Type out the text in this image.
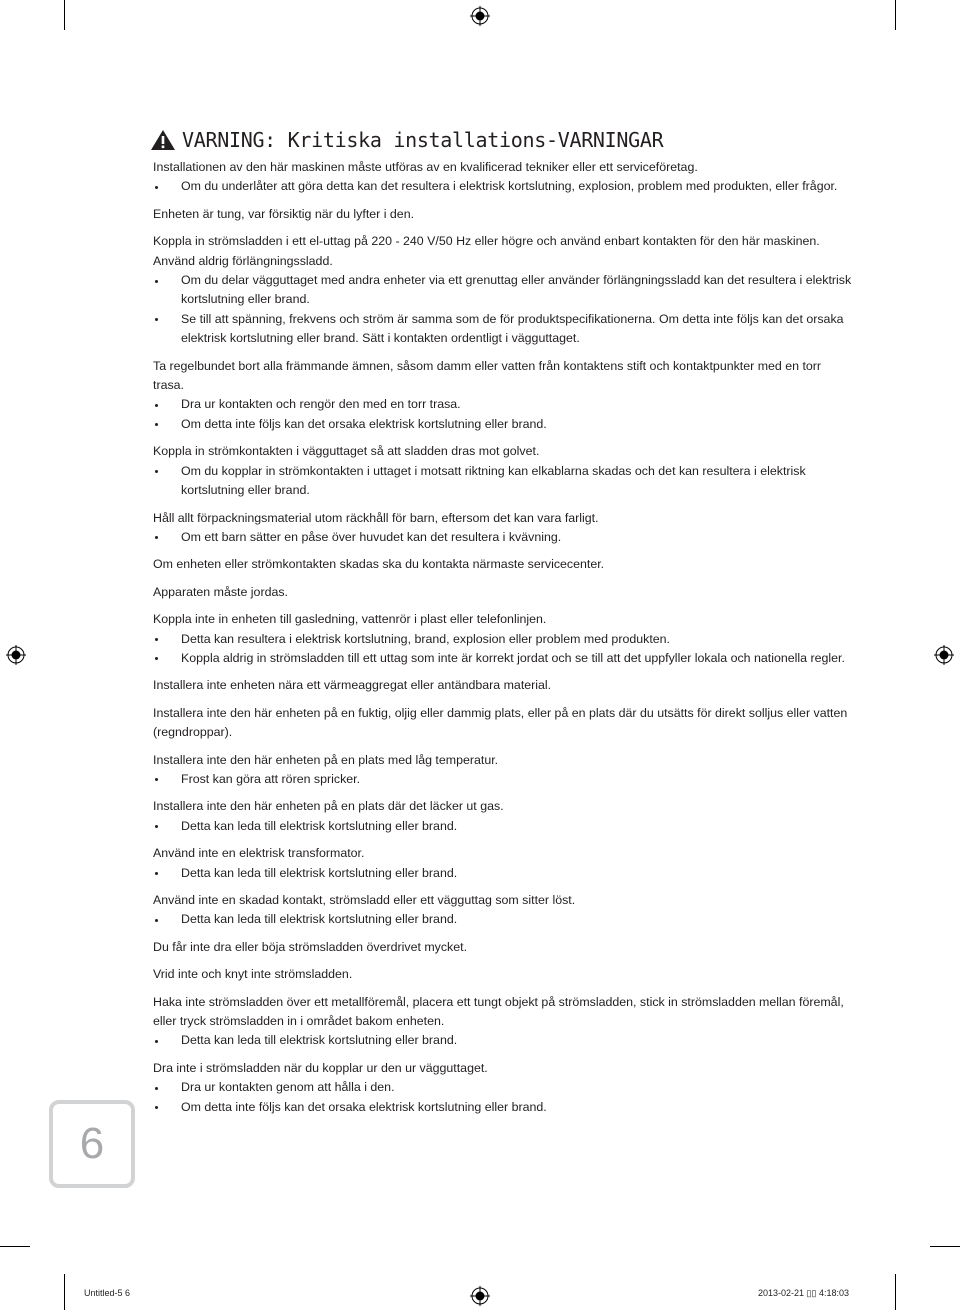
VARNING: Kritiska installations-VARNINGAR

Installationen av den här maskinen måste utföras av en kvalificerad tekniker eller ett serviceföretag.

Om du underlåter att göra detta kan det resultera i elektrisk kortslutning, explosion, problem med produkten, eller frågor.

Enheten är tung, var försiktig när du lyfter i den.

Koppla in strömsladden i ett el-uttag på 220 - 240 V/50 Hz eller högre och använd enbart kontakten för den här maskinen. Använd aldrig förlängningssladd.

Om du delar vägguttaget med andra enheter via ett grenuttag eller använder förlängningssladd kan det resultera i elektrisk kortslutning eller brand.

Se till att spänning, frekvens och ström är samma som de för produktspecifikationerna. Om detta inte följs kan det orsaka elektrisk kortslutning eller brand. Sätt i kontakten ordentligt i vägguttaget.

Ta regelbundet bort alla främmande ämnen, såsom damm eller vatten från kontaktens stift och kontaktpunkter med en torr trasa.

Dra ur kontakten och rengör den med en torr trasa.

Om detta inte följs kan det orsaka elektrisk kortslutning eller brand.

Koppla in strömkontakten i vägguttaget så att sladden dras mot golvet.

Om du kopplar in strömkontakten i uttaget i motsatt riktning kan elkablarna skadas och det kan resultera i elektrisk kortslutning eller brand.

Håll allt förpackningsmaterial utom räckhåll för barn, eftersom det kan vara farligt.

Om ett barn sätter en påse över huvudet kan det resultera i kvävning.

Om enheten eller strömkontakten skadas ska du kontakta närmaste servicecenter.

Apparaten måste jordas.

Koppla inte in enheten till gasledning, vattenrör i plast eller telefonlinjen.

Detta kan resultera i elektrisk kortslutning, brand, explosion eller problem med produkten.

Koppla aldrig in strömsladden till ett uttag som inte är korrekt jordat och se till att det uppfyller lokala och nationella regler.

Installera inte enheten nära ett värmeaggregat eller antändbara material.

Installera inte den här enheten på en fuktig, oljig eller dammig plats, eller på en plats där du utsätts för direkt solljus eller vatten (regndroppar).

Installera inte den här enheten på en plats med låg temperatur.

Frost kan göra att rören spricker.

Installera inte den här enheten på en plats där det läcker ut gas.

Detta kan leda till elektrisk kortslutning eller brand.

Använd inte en elektrisk transformator.

Detta kan leda till elektrisk kortslutning eller brand.

Använd inte en skadad kontakt, strömsladd eller ett vägguttag som sitter löst.

Detta kan leda till elektrisk kortslutning eller brand.

Du får inte dra eller böja strömsladden överdrivet mycket.

Vrid inte och knyt inte strömsladden.

Haka inte strömsladden över ett metallföremål, placera ett tungt objekt på strömsladden, stick in strömsladden mellan föremål, eller tryck strömsladden in i området bakom enheten.

Detta kan leda till elektrisk kortslutning eller brand.

Dra inte i strömsladden när du kopplar ur den ur vägguttaget.

Dra ur kontakten genom att hålla i den.

Om detta inte följs kan det orsaka elektrisk kortslutning eller brand.

6
Untitled-5 6	2013-02-21 ▯▯ 4:18:03
